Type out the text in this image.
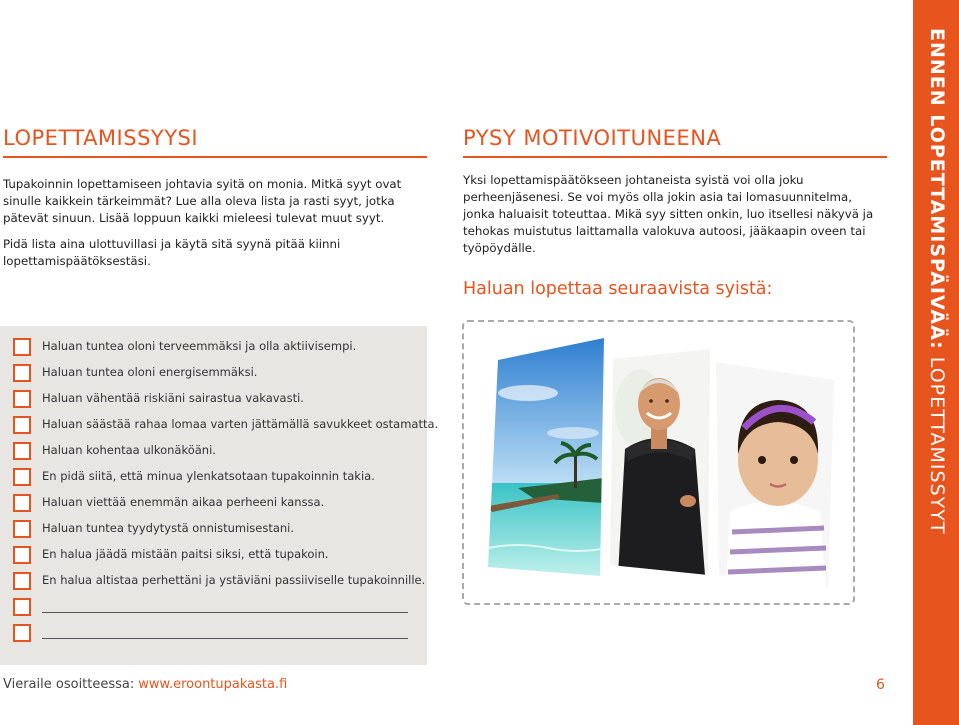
LOPETTAMISSYYSI

Tupakoinnin lopettamiseen johtavia syitä on monia. Mitkä syyt ovat sinulle kaikkein tärkeimmät? Lue alla oleva lista ja rasti syyt, jotka pätevät sinuun. Lisää loppuun kaikki mieleesi tulevat muut syyt.

Pidä lista aina ulottuvillasi ja käytä sitä syynä pitää kiinni lopettamispäätöksestäsi.

Haluan tuntea oloni terveemmäksi ja olla aktiivisempi.
Haluan tuntea oloni energisemmäksi.
Haluan vähentää riskiäni sairastua vakavasti.
Haluan säästää rahaa lomaa varten jättämällä savukkeet ostamatta.
Haluan kohentaa ulkonäköäni.
En pidä siitä, että minua ylenkatsotaan tupakoinnin takia.
Haluan viettää enemmän aikaa perheeni kanssa.
Haluan tuntea tyydytystä onnistumisestani.
En halua jäädä mistään paitsi siksi, että tupakoin.
En halua altistaa perhettäni ja ystäviäni passiiviselle tupakoinnille.
PYSY MOTIVOITUNEENA

Yksi lopettamispäätökseen johtaneista syistä voi olla joku perheenjäsenesi. Se voi myös olla jokin asia tai lomasuunnitelma, jonka haluaisit toteuttaa. Mikä syy sitten onkin, luo itsellesi näkyvä ja tehokas muistutus laittamalla valokuva autoosi, jääkaapin oveen tai työpöydälle.

Haluan lopettaa seuraavista syistä:	ENNEN LOPETTAMISPÄIVÄÄ: LOPETTAMISSYYT
Vieraile osoitteessa: www.eroontupakasta.fi	6
